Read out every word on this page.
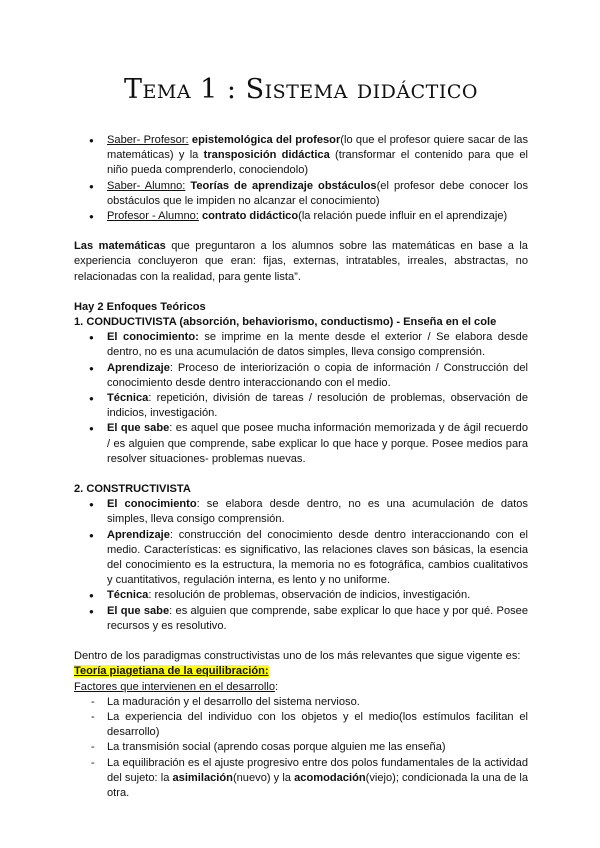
Tema 1 : Sistema didáctico
● Saber- Profesor: epistemológica del profesor(lo que el profesor quiere sacar de las matemáticas) y la transposición didáctica (transformar el contenido para que el niño pueda comprenderlo, conociendolo)
● Saber- Alumno: Teorías de aprendizaje obstáculos(el profesor debe conocer los obstáculos que le impiden no alcanzar el conocimiento)
● Profesor - Alumno: contrato didáctico(la relación puede influir en el aprendizaje)

Las matemáticas que preguntaron a los alumnos sobre las matemáticas en base a la experiencia concluyeron que eran: fijas, externas, intratables, irreales, abstractas, no relacionadas con la realidad, para gente lista”.

Hay 2 Enfoques Teóricos

1. CONDUCTIVISTA (absorción, behaviorismo, conductismo) - Enseña en el cole

● El conocimiento: se imprime en la mente desde el exterior / Se elabora desde dentro, no es una acumulación de datos simples, lleva consigo comprensión.
● Aprendizaje: Proceso de interiorización o copia de información / Construcción del conocimiento desde dentro interaccionando con el medio.
● Técnica: repetición, división de tareas / resolución de problemas, observación de indicios, investigación.
● El que sabe: es aquel que posee mucha información memorizada y de ágil recuerdo / es alguien que comprende, sabe explicar lo que hace y porque. Posee medios para resolver situaciones- problemas nuevas.

2. CONSTRUCTIVISTA

● El conocimiento: se elabora desde dentro, no es una acumulación de datos simples, lleva consigo comprensión.
● Aprendizaje: construcción del conocimiento desde dentro interaccionando con el medio. Características: es significativo, las relaciones claves son básicas, la esencia del conocimiento es la estructura, la memoria no es fotográfica, cambios cualitativos y cuantitativos, regulación interna, es lento y no uniforme.
● Técnica: resolución de problemas, observación de indicios, investigación.
● El que sabe: es alguien que comprende, sabe explicar lo que hace y por qué. Posee recursos y es resolutivo.

Dentro de los paradigmas constructivistas uno de los más relevantes que sigue vigente es:

Teoría piagetiana de la equilibración:

Factores que intervienen en el desarrollo:

- La maduración y el desarrollo del sistema nervioso.
- La experiencia del individuo con los objetos y el medio(los estímulos facilitan el desarrollo)
- La transmisión social (aprendo cosas porque alguien me las enseña)
- La equilibración es el ajuste progresivo entre dos polos fundamentales de la actividad del sujeto: la asimilación(nuevo) y la acomodación(viejo); condicionada la una de la otra.
